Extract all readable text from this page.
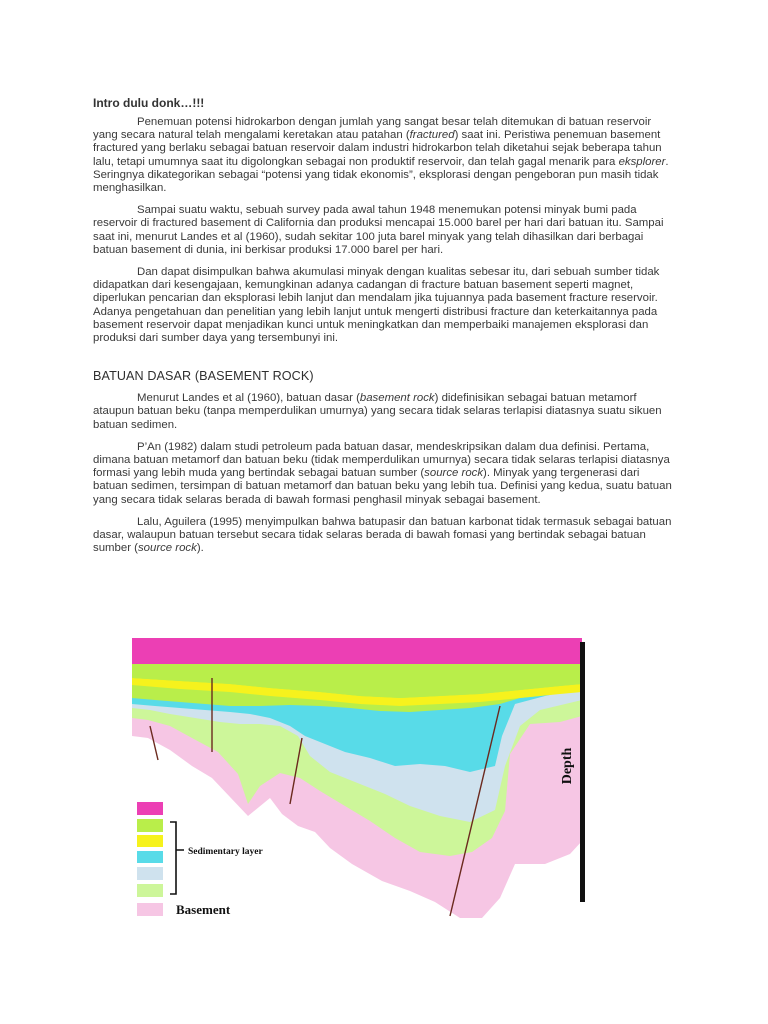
Intro dulu donk…!!!

Penemuan potensi hidrokarbon dengan jumlah yang sangat besar telah ditemukan di batuan reservoir yang secara natural telah mengalami keretakan atau patahan (fractured) saat ini. Peristiwa penemuan basement fractured yang berlaku sebagai batuan reservoir dalam industri hidrokarbon telah diketahui sejak beberapa tahun lalu, tetapi umumnya saat itu digolongkan sebagai non produktif reservoir, dan telah gagal menarik para eksplorer. Seringnya dikategorikan sebagai “potensi yang tidak ekonomis”, eksplorasi dengan pengeboran pun masih tidak menghasilkan.

Sampai suatu waktu, sebuah survey pada awal tahun 1948 menemukan potensi minyak bumi pada reservoir di fractured basement di California dan produksi mencapai 15.000 barel per hari dari batuan itu. Sampai saat ini, menurut Landes et al (1960), sudah sekitar 100 juta barel minyak yang telah dihasilkan dari berbagai batuan basement di dunia, ini berkisar produksi 17.000 barel per hari.

Dan dapat disimpulkan bahwa akumulasi minyak dengan kualitas sebesar itu, dari sebuah sumber tidak didapatkan dari kesengajaan, kemungkinan adanya cadangan di fracture batuan basement seperti magnet, diperlukan pencarian dan eksplorasi lebih lanjut dan mendalam jika tujuannya pada basement fracture reservoir. Adanya pengetahuan dan penelitian yang lebih lanjut untuk mengerti distribusi fracture dan keterkaitannya pada basement reservoir dapat menjadikan kunci untuk meningkatkan dan memperbaiki manajemen eksplorasi dan produksi dari sumber daya yang tersembunyi ini.

BATUAN DASAR (BASEMENT ROCK)

Menurut Landes et al (1960), batuan dasar (basement rock) didefinisikan sebagai batuan metamorf ataupun batuan beku (tanpa memperdulikan umurnya) yang secara tidak selaras terlapisi diatasnya suatu sikuen batuan sedimen.

P’An (1982) dalam studi petroleum pada batuan dasar, mendeskripsikan dalam dua definisi. Pertama, dimana batuan metamorf dan batuan beku (tidak memperdulikan umurnya) secara tidak selaras terlapisi diatasnya formasi yang lebih muda yang bertindak sebagai batuan sumber (source rock). Minyak yang tergenerasi dari batuan sedimen, tersimpan di batuan metamorf dan batuan beku yang lebih tua. Definisi yang kedua, suatu batuan yang secara tidak selaras berada di bawah formasi penghasil minyak sebagai basement.

Lalu, Aguilera (1995) menyimpulkan bahwa batupasir dan batuan karbonat tidak termasuk sebagai batuan dasar, walaupun batuan tersebut secara tidak selaras berada di bawah fomasi yang bertindak sebagai batuan sumber (source rock).

Depth
Sedimentary layer
Basement
